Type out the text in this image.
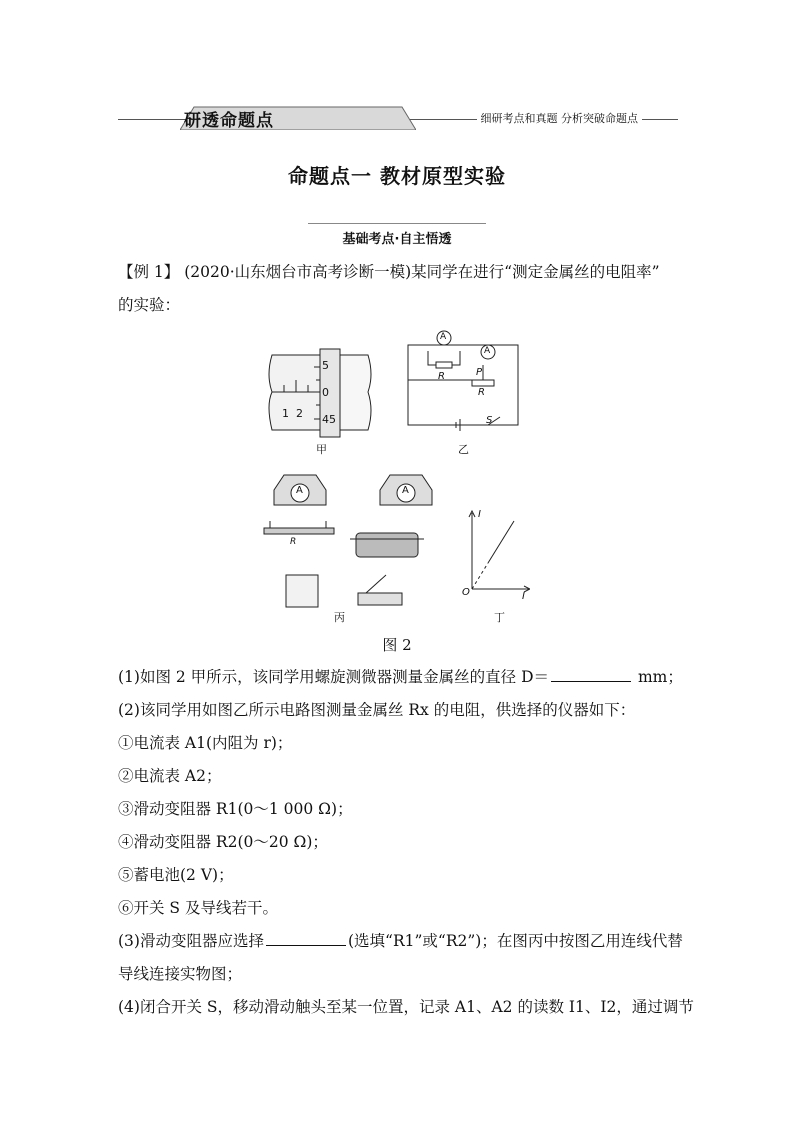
研透命题点	细研考点和真题 分析突破命题点
命题点一 教材原型实验
基础考点·自主悟透
【例 1】 (2020·山东烟台市高考诊断一模)某同学在进行“测定金属丝的电阻率”
的实验：
5
0
45
1 2
甲	乙
A
A
R	P
R
S
A	A
R
丙
I
I
O
丁
图 2
(1)如图 2 甲所示，该同学用螺旋测微器测量金属丝的直径 D＝	mm；
(2)该同学用如图乙所示电路图测量金属丝 Rx 的电阻，供选择的仪器如下：
①电流表 A1(内阻为 r)；
②电流表 A2；
③滑动变阻器 R1(0～1 000 Ω)；
④滑动变阻器 R2(0～20 Ω)；
⑤蓄电池(2 V)；
⑥开关 S 及导线若干。
(3)滑动变阻器应选择	(选填“R1”或“R2”)；在图丙中按图乙用连线代替
导线连接实物图；
(4)闭合开关 S，移动滑动触头至某一位置，记录 A1、A2 的读数 I1、I2，通过调节
